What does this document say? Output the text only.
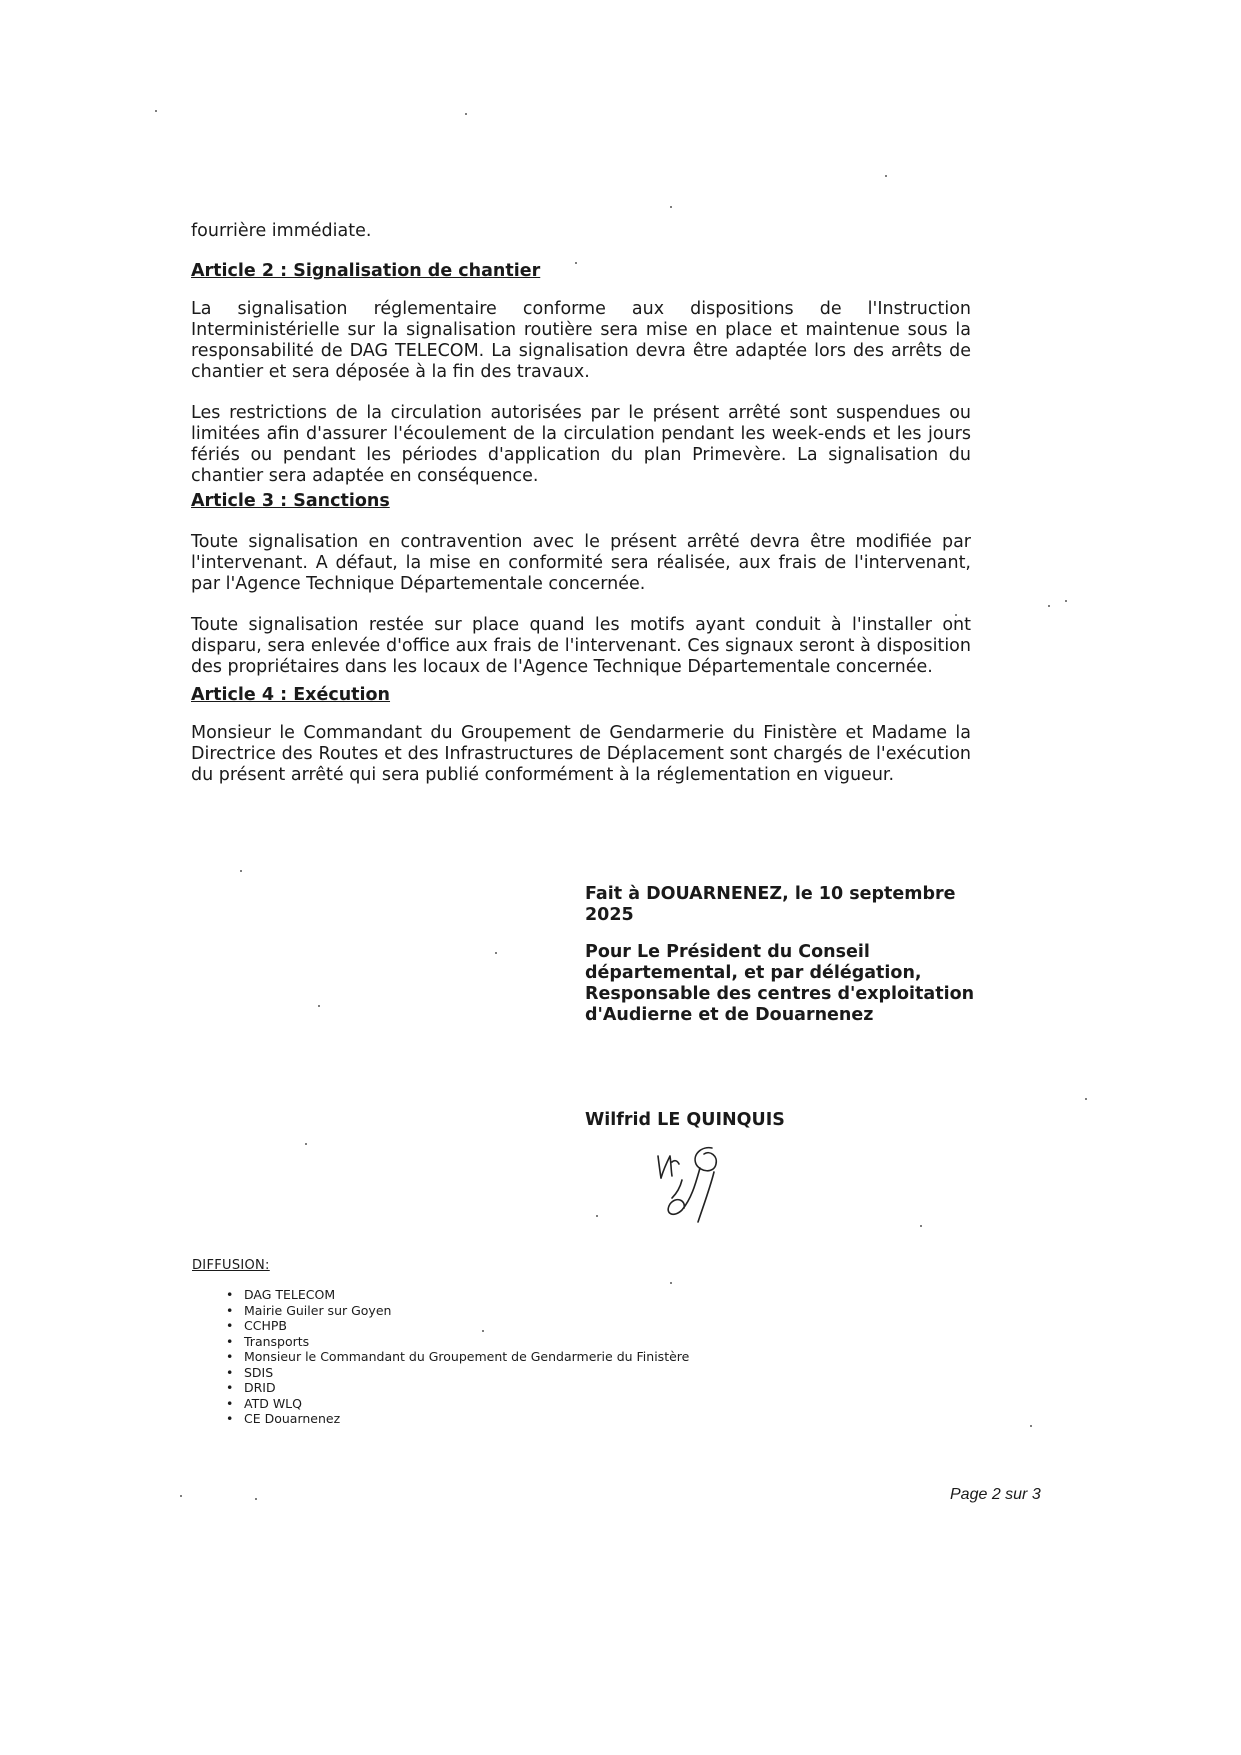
fourrière immédiate.

Article 2 : Signalisation de chantier

La signalisation réglementaire conforme aux dispositions de l'Instruction Interministérielle sur la signalisation routière sera mise en place et maintenue sous la responsabilité de DAG TELECOM. La signalisation devra être adaptée lors des arrêts de chantier et sera déposée à la fin des travaux.

Les restrictions de la circulation autorisées par le présent arrêté sont suspendues ou limitées afin d'assurer l'écoulement de la circulation pendant les week-ends et les jours fériés ou pendant les périodes d'application du plan Primevère. La signalisation du chantier sera adaptée en conséquence.

Article 3 : Sanctions

Toute signalisation en contravention avec le présent arrêté devra être modifiée par l'intervenant. A défaut, la mise en conformité sera réalisée, aux frais de l'intervenant, par l'Agence Technique Départementale concernée.

Toute signalisation restée sur place quand les motifs ayant conduit à l'installer ont disparu, sera enlevée d'office aux frais de l'intervenant. Ces signaux seront à disposition des propriétaires dans les locaux de l'Agence Technique Départementale concernée.

Article 4 : Exécution

Monsieur le Commandant du Groupement de Gendarmerie du Finistère et Madame la Directrice des Routes et des Infrastructures de Déplacement sont chargés de l'exécution du présent arrêté qui sera publié conformément à la réglementation en vigueur.

Fait à DOUARNENEZ, le 10 septembre
2025
Pour Le Président du Conseil
départemental, et par délégation,
Responsable des centres d'exploitation
d'Audierne et de Douarnenez
Wilfrid LE QUINQUIS
DIFFUSION:
• DAG TELECOM
• Mairie Guiler sur Goyen
• CCHPB
• Transports
• Monsieur le Commandant du Groupement de Gendarmerie du Finistère
• SDIS
• DRID
• ATD WLQ
• CE Douarnenez
Page 2 sur 3
